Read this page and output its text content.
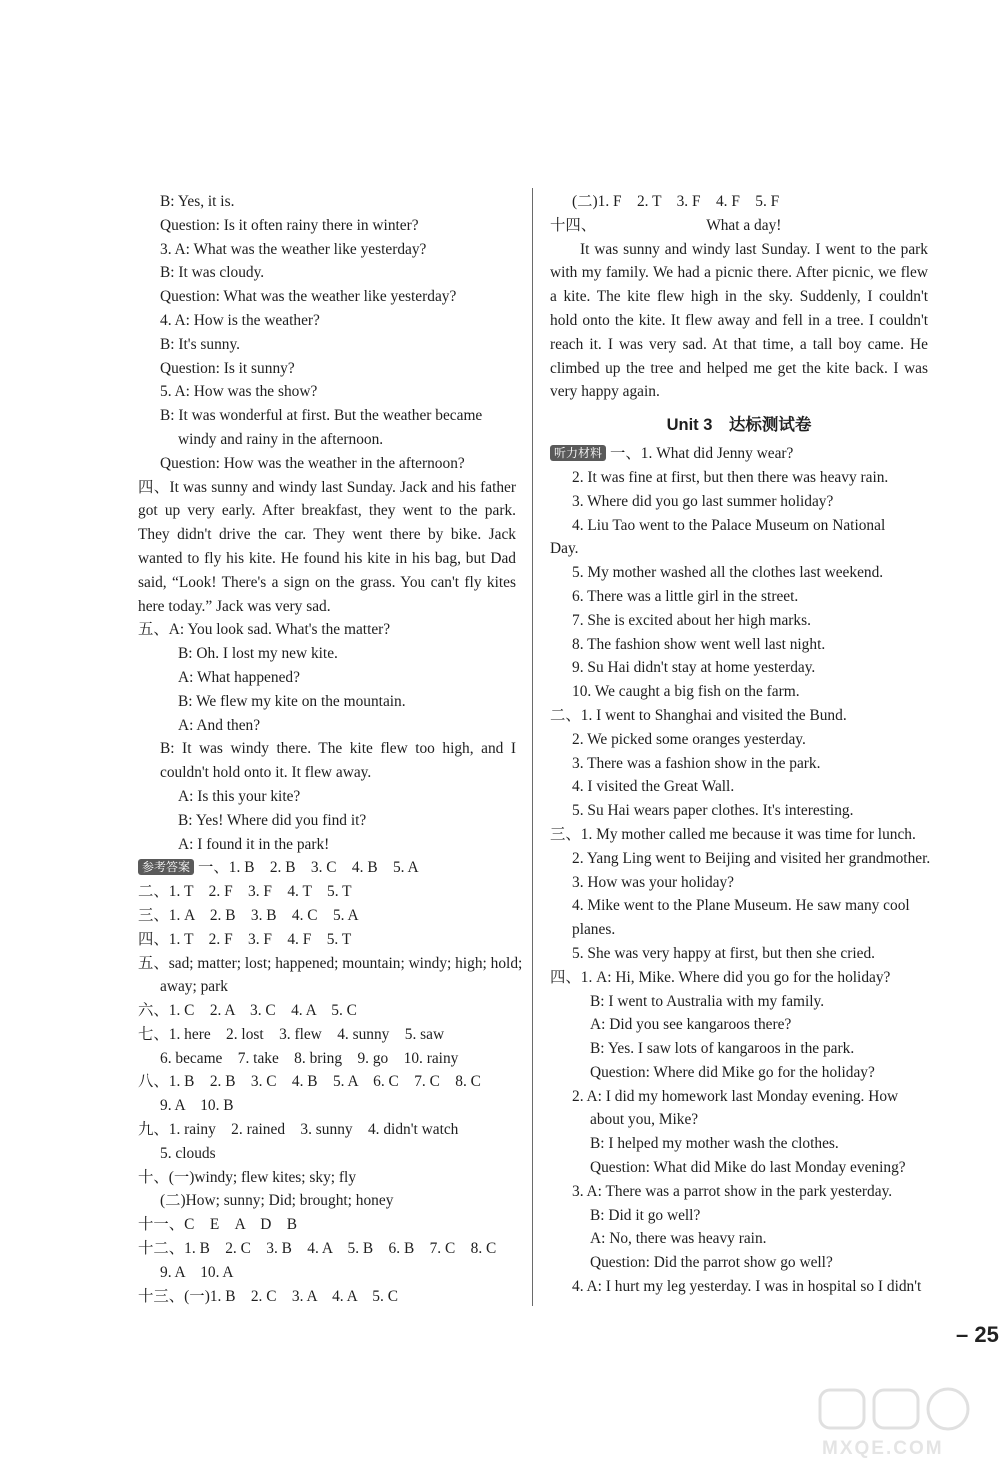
B: Yes, it is.
Question: Is it often rainy there in winter?
3. A: What was the weather like yesterday?
B: It was cloudy.
Question: What was the weather like yesterday?
4. A: How is the weather?
B: It's sunny.
Question: Is it sunny?
5. A: How was the show?
B: It was wonderful at first. But the weather became
windy and rainy in the afternoon.
Question: How was the weather in the afternoon?
四、It was sunny and windy last Sunday. Jack and his father got up very early. After breakfast, they went to the park. They didn't drive the car. They went there by bike. Jack wanted to fly his kite. He found his kite in his bag, but Dad said, “Look! There's a sign on the grass. You can't fly kites here today.” Jack was very sad.
五、A: You look sad. What's the matter?
B: Oh. I lost my new kite.
A: What happened?
B: We flew my kite on the mountain.
A: And then?
B: It was windy there. The kite flew too high, and I couldn't hold onto it. It flew away.
A: Is this your kite?
B: Yes! Where did you find it?
A: I found it in the park!
参考答案 一、1. B　2. B　3. C　4. B　5. A
二、1. T　2. F　3. F　4. T　5. T
三、1. A　2. B　3. B　4. C　5. A
四、1. T　2. F　3. F　4. F　5. T
五、sad; matter; lost; happened; mountain; windy; high; hold;
away; park
六、1. C　2. A　3. C　4. A　5. C
七、1. here　2. lost　3. flew　4. sunny　5. saw
6. became　7. take　8. bring　9. go　10. rainy
八、1. B　2. B　3. C　4. B　5. A　6. C　7. C　8. C
9. A　10. B
九、1. rainy　2. rained　3. sunny　4. didn't watch
5. clouds
十、(一)windy; flew kites; sky; fly
(二)How; sunny; Did; brought; honey
十一、C　E　A　D　B
十二、1. B　2. C　3. B　4. A　5. B　6. B　7. C　8. C
9. A　10. A
十三、(一)1. B　2. C　3. A　4. A　5. C
(二)1. F　2. T　3. F　4. F　5. F
十四、	What a day!
It was sunny and windy last Sunday. I went to the park with my family. We had a picnic there. After picnic, we flew a kite. The kite flew high in the sky. Suddenly, I couldn't hold onto the kite. It flew away and fell in a tree. I couldn't reach it. I was very sad. At that time, a tall boy came. He climbed up the tree and helped me get the kite back. I was very happy again.
Unit 3　达标测试卷
听力材料 一、1. What did Jenny wear?
2. It was fine at first, but then there was heavy rain.
3. Where did you go last summer holiday?
4. Liu Tao went to the Palace Museum on National
Day.
5. My mother washed all the clothes last weekend.
6. There was a little girl in the street.
7. She is excited about her high marks.
8. The fashion show went well last night.
9. Su Hai didn't stay at home yesterday.
10. We caught a big fish on the farm.
二、1. I went to Shanghai and visited the Bund.
2. We picked some oranges yesterday.
3. There was a fashion show in the park.
4. I visited the Great Wall.
5. Su Hai wears paper clothes. It's interesting.
三、1. My mother called me because it was time for lunch.
2. Yang Ling went to Beijing and visited her grandmother.
3. How was your holiday?
4. Mike went to the Plane Museum. He saw many cool
planes.
5. She was very happy at first, but then she cried.
四、1. A: Hi, Mike. Where did you go for the holiday?
B: I went to Australia with my family.
A: Did you see kangaroos there?
B: Yes. I saw lots of kangaroos in the park.
Question: Where did Mike go for the holiday?
2. A: I did my homework last Monday evening. How
about you, Mike?
B: I helped my mother wash the clothes.
Question: What did Mike do last Monday evening?
3. A: There was a parrot show in the park yesterday.
B: Did it go well?
A: No, there was heavy rain.
Question: Did the parrot show go well?
4. A: I hurt my leg yesterday. I was in hospital so I didn't
– 25
MXQE.COM
